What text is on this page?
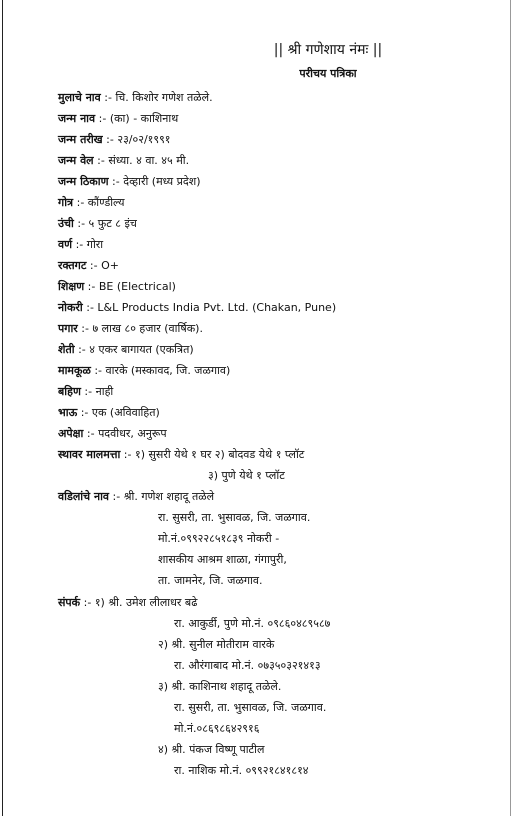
|| श्री गणेशाय नंमः ||
परीचय पत्रिका
मुलाचे नाव :- चि. किशोर गणेश तळेले.
जन्म नाव :- (का) - काशिनाथ
जन्म तरीख :- २३/०२/१९९१
जन्म वेल :- संध्या. ४ वा. ४५ मी.
जन्म ठिकाण :- देव्हारी (मध्य प्रदेश)
गोत्र :- कौंण्डील्य
उंची :- ५ फुट ८ इंच
वर्ण :- गोरा
रक्तगट :- O+
शिक्षण :- BE (Electrical)
नोकरी :- L&L Products India Pvt. Ltd. (Chakan, Pune)
पगार :- ७ लाख ८० हजार (वार्षिक).
शेती :- ४ एकर बागायत (एकत्रित)
मामकूळ :- वारके (मस्कावद, जि. जळगाव)
बहिण :- नाही
भाऊ :- एक (अविवाहित)
अपेक्षा :- पदवीधर, अनुरूप
स्थावर मालमत्ता :- १) सुसरी येथे १ घर २) बोदवड येथे १ प्लॉट
३) पुणे येथे १ प्लॉट
वडिलांचे नाव :- श्री. गणेश शहादू तळेले
रा. सुसरी, ता. भुसावळ, जि. जळगाव.
मो.नं.०९९२२८५१८३९ नोकरी -
शासकीय आश्रम शाळा, गंगापुरी,
ता. जामनेर, जि. जळगाव.
संपर्क :- १) श्री. उमेश लीलाधर बढे
रा. आकुर्डी, पुणे मो.नं. ०९८६०४८९५८७
२) श्री. सुनील मोतीराम वारके
रा. औरंगाबाद मो.नं. ०७३५०३२१४१३
३) श्री. काशिनाथ शहादू तळेले.
रा. सुसरी, ता. भुसावळ, जि. जळगाव.
मो.नं.०८६९८६४२९१६
४) श्री. पंकज विष्णू पाटील
रा. नाशिक मो.नं. ०९९२१८४१८१४
